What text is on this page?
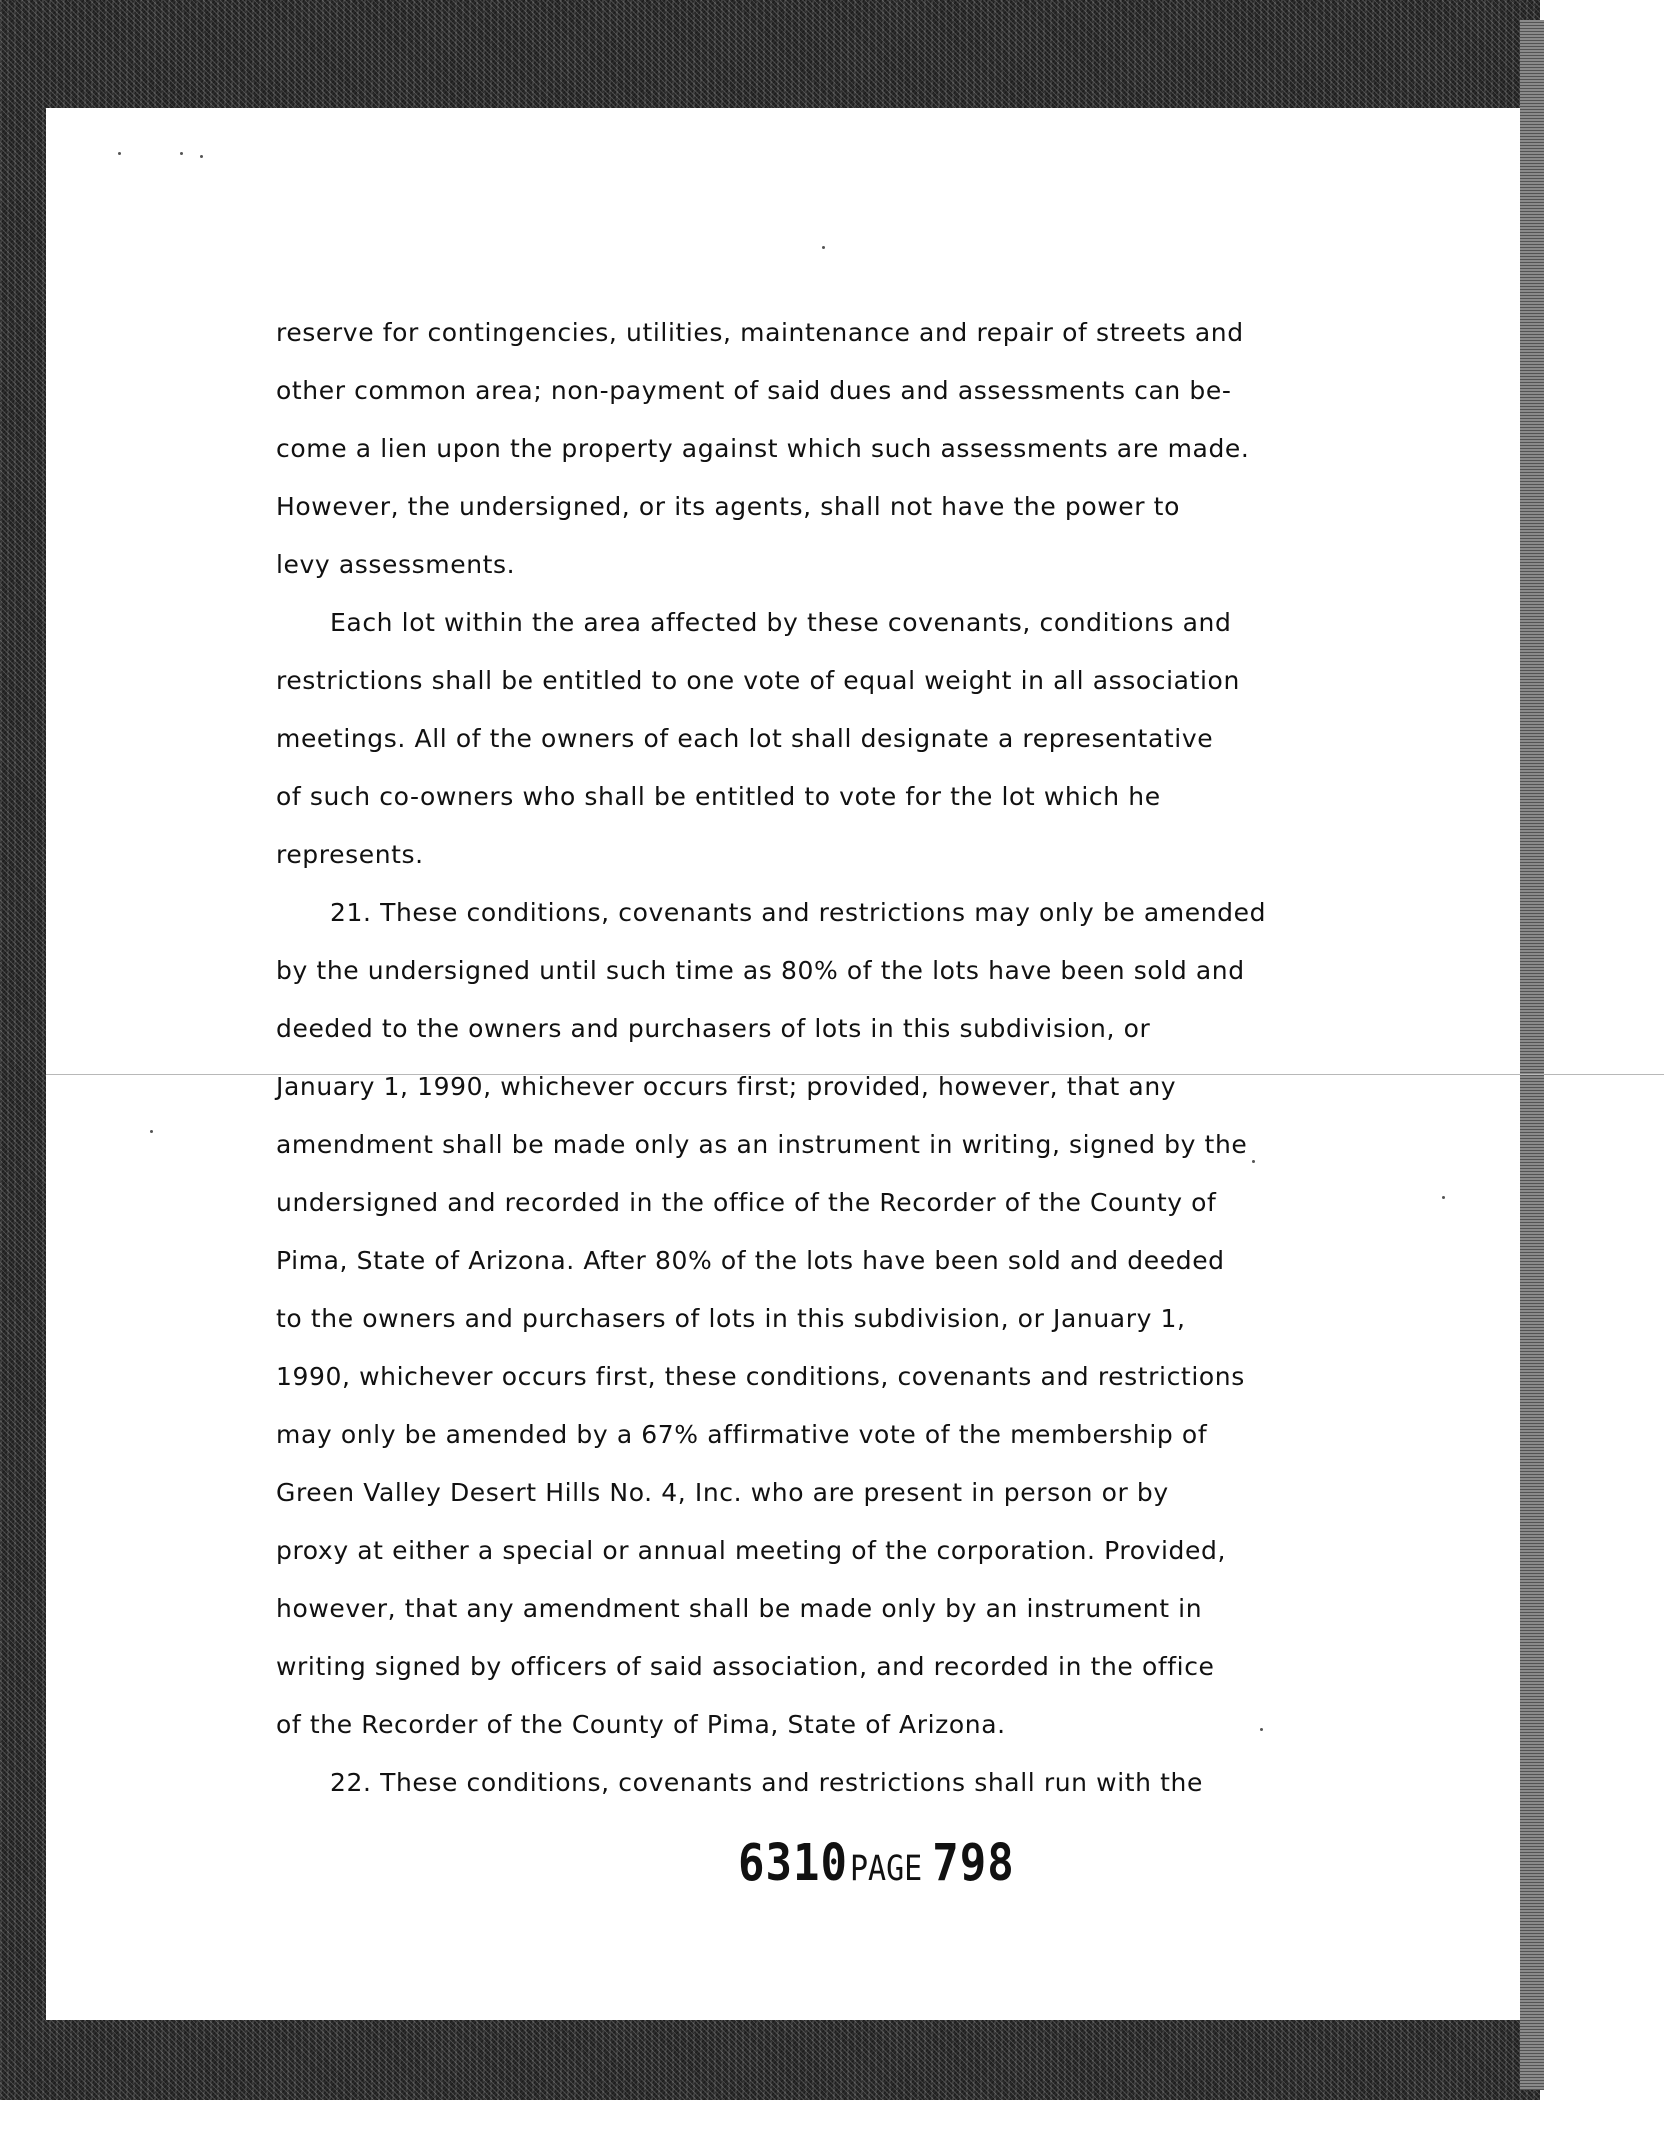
reserve for contingencies, utilities, maintenance and repair of streets and
other common area; non-payment of said dues and assessments can be-
come a lien upon the property against which such assessments are made.
However, the undersigned, or its agents, shall not have the power to
levy assessments.
Each lot within the area affected by these covenants, conditions and
restrictions shall be entitled to one vote of equal weight in all association
meetings. All of the owners of each lot shall designate a representative
of such co-owners who shall be entitled to vote for the lot which he
represents.
21. These conditions, covenants and restrictions may only be amended
by the undersigned until such time as 80% of the lots have been sold and
deeded to the owners and purchasers of lots in this subdivision, or
January 1, 1990, whichever occurs first; provided, however, that any
amendment shall be made only as an instrument in writing, signed by the
undersigned and recorded in the office of the Recorder of the County of
Pima, State of Arizona. After 80% of the lots have been sold and deeded
to the owners and purchasers of lots in this subdivision, or January 1,
1990, whichever occurs first, these conditions, covenants and restrictions
may only be amended by a 67% affirmative vote of the membership of
Green Valley Desert Hills No. 4, Inc. who are present in person or by
proxy at either a special or annual meeting of the corporation. Provided,
however, that any amendment shall be made only by an instrument in
writing signed by officers of said association, and recorded in the office
of the Recorder of the County of Pima, State of Arizona.
22. These conditions, covenants and restrictions shall run with the
6310PAGE 798
